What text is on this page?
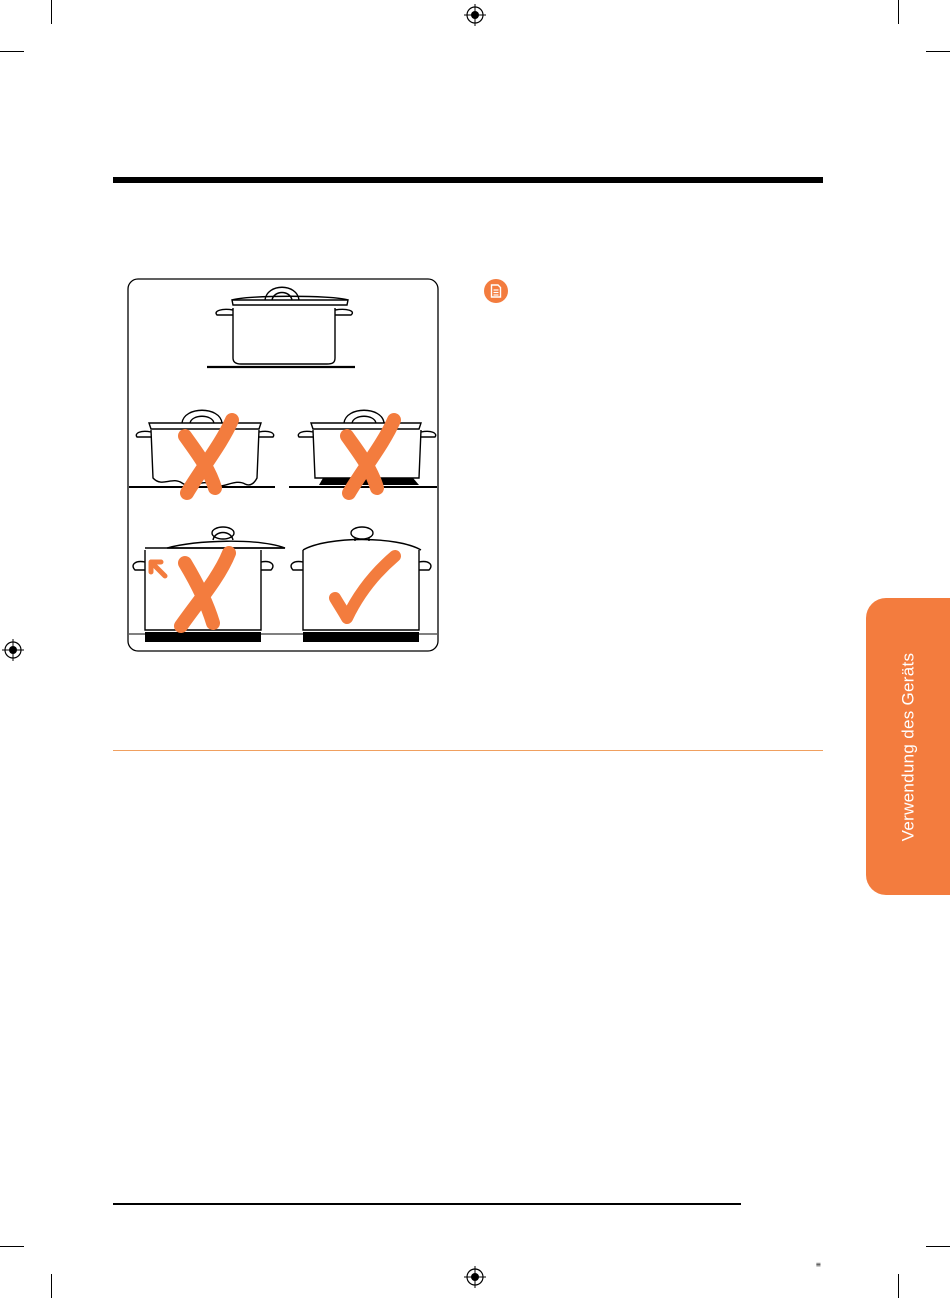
Verwendung des Geräts
≡
